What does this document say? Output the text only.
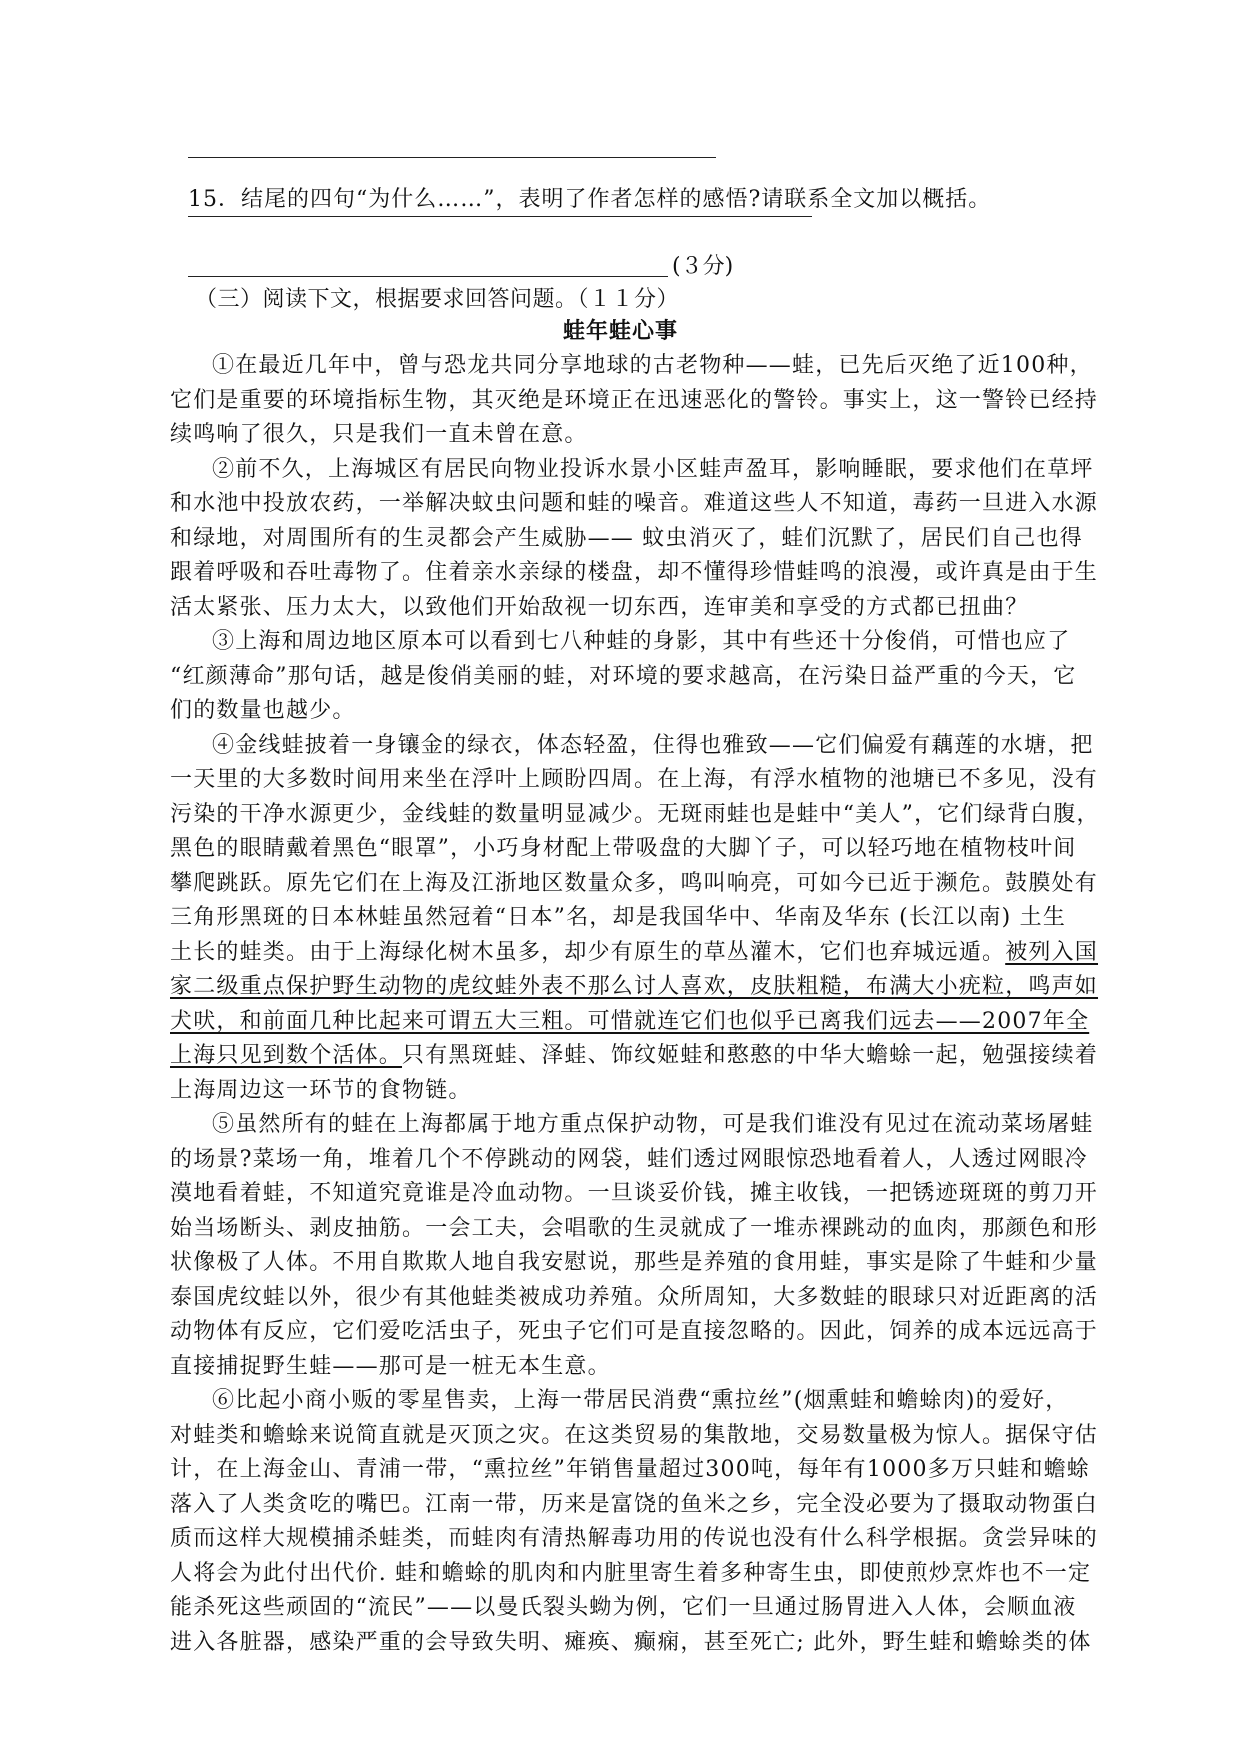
15．结尾的四句“为什么……”，表明了作者怎样的感悟?请联系全文加以概括。
(３分)
（三）阅读下文，根据要求回答问题。（１１分）
蛙年蛙心事
①在最近几年中，曾与恐龙共同分享地球的古老物种——蛙，已先后灭绝了近100种，
它们是重要的环境指标生物，其灭绝是环境正在迅速恶化的警铃。事实上，这一警铃已经持
续鸣响了很久，只是我们一直未曾在意。
②前不久，上海城区有居民向物业投诉水景小区蛙声盈耳，影响睡眠，要求他们在草坪
和水池中投放农药，一举解决蚊虫问题和蛙的噪音。难道这些人不知道，毒药一旦进入水源
和绿地，对周围所有的生灵都会产生威胁—— 蚊虫消灭了，蛙们沉默了，居民们自己也得
跟着呼吸和吞吐毒物了。住着亲水亲绿的楼盘，却不懂得珍惜蛙鸣的浪漫，或许真是由于生
活太紧张、压力太大，以致他们开始敌视一切东西，连审美和享受的方式都已扭曲？
③上海和周边地区原本可以看到七八种蛙的身影，其中有些还十分俊俏，可惜也应了
“红颜薄命”那句话，越是俊俏美丽的蛙，对环境的要求越高，在污染日益严重的今天，它
们的数量也越少。
④金线蛙披着一身镶金的绿衣，体态轻盈，住得也雅致——它们偏爱有藕莲的水塘，把
一天里的大多数时间用来坐在浮叶上顾盼四周。在上海，有浮水植物的池塘已不多见，没有
污染的干净水源更少，金线蛙的数量明显减少。无斑雨蛙也是蛙中“美人”，它们绿背白腹，
黑色的眼睛戴着黑色“眼罩”，小巧身材配上带吸盘的大脚丫子，可以轻巧地在植物枝叶间
攀爬跳跃。原先它们在上海及江浙地区数量众多，鸣叫响亮，可如今已近于濒危。鼓膜处有
三角形黑斑的日本林蛙虽然冠着“日本”名，却是我国华中、华南及华东 (长江以南) 土生
土长的蛙类。由于上海绿化树木虽多，却少有原生的草丛灌木，它们也弃城远遁。被列入国
家二级重点保护野生动物的虎纹蛙外表不那么讨人喜欢，皮肤粗糙，布满大小疣粒，鸣声如
犬吠，和前面几种比起来可谓五大三粗。可惜就连它们也似乎已离我们远去——2007年全
上海只见到数个活体。只有黑斑蛙、泽蛙、饰纹姬蛙和憨憨的中华大蟾蜍一起，勉强接续着
上海周边这一环节的食物链。
⑤虽然所有的蛙在上海都属于地方重点保护动物，可是我们谁没有见过在流动菜场屠蛙
的场景?菜场一角，堆着几个不停跳动的网袋，蛙们透过网眼惊恐地看着人，人透过网眼冷
漠地看着蛙，不知道究竟谁是冷血动物。一旦谈妥价钱，摊主收钱，一把锈迹斑斑的剪刀开
始当场断头、剥皮抽筋。一会工夫，会唱歌的生灵就成了一堆赤裸跳动的血肉，那颜色和形
状像极了人体。不用自欺欺人地自我安慰说，那些是养殖的食用蛙，事实是除了牛蛙和少量
泰国虎纹蛙以外，很少有其他蛙类被成功养殖。众所周知，大多数蛙的眼球只对近距离的活
动物体有反应，它们爱吃活虫子，死虫子它们可是直接忽略的。因此，饲养的成本远远高于
直接捕捉野生蛙——那可是一桩无本生意。
⑥比起小商小贩的零星售卖，上海一带居民消费“熏拉丝”(烟熏蛙和蟾蜍肉)的爱好，
对蛙类和蟾蜍来说简直就是灭顶之灾。在这类贸易的集散地，交易数量极为惊人。据保守估
计，在上海金山、青浦一带，“熏拉丝”年销售量超过300吨，每年有1000多万只蛙和蟾蜍
落入了人类贪吃的嘴巴。江南一带，历来是富饶的鱼米之乡，完全没必要为了摄取动物蛋白
质而这样大规模捕杀蛙类，而蛙肉有清热解毒功用的传说也没有什么科学根据。贪尝异味的
人将会为此付出代价. 蛙和蟾蜍的肌肉和内脏里寄生着多种寄生虫，即使煎炒烹炸也不一定
能杀死这些顽固的“流民”——以曼氏裂头蚴为例，它们一旦通过肠胃进入人体，会顺血液
进入各脏器，感染严重的会导致失明、瘫痪、癫痫，甚至死亡; 此外，野生蛙和蟾蜍类的体
